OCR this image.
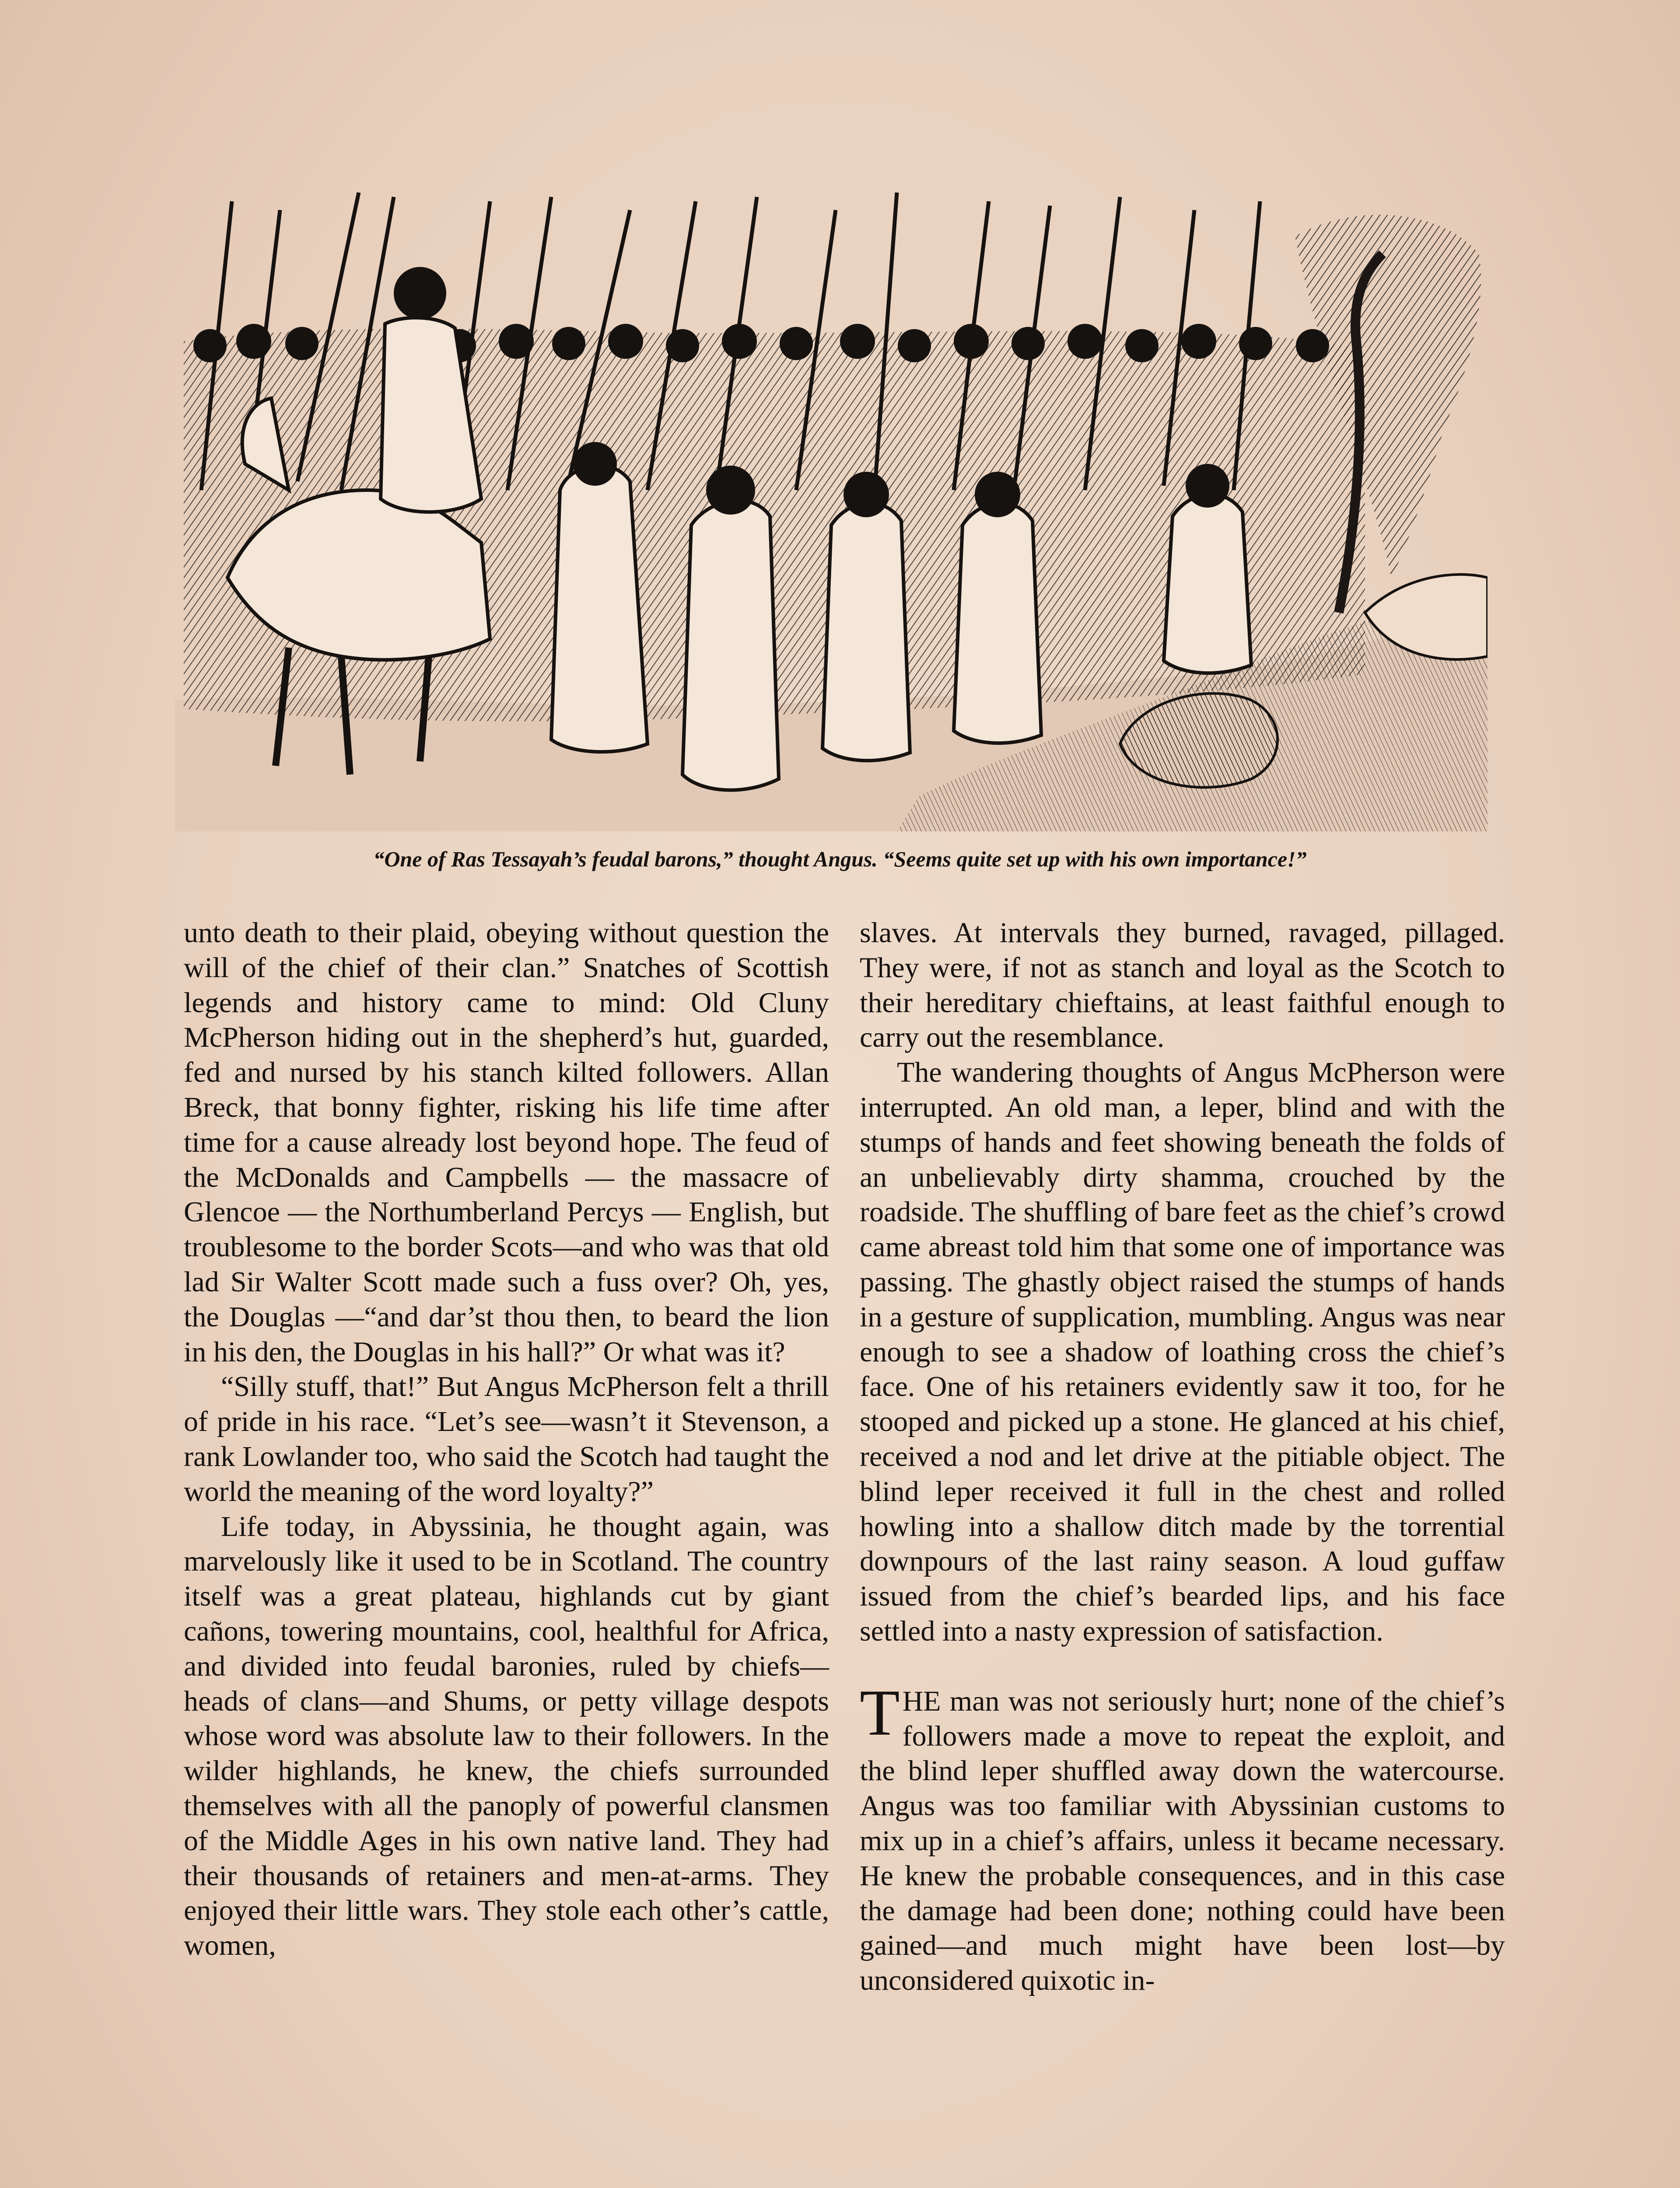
“One of Ras Tessayah’s feudal barons,” thought Angus. “Seems quite set up with his own importance!”

unto death to their plaid, obeying without question the will of the chief of their clan.” Snatches of Scottish legends and history came to mind: Old Cluny McPherson hiding out in the shepherd’s hut, guarded, fed and nursed by his stanch kilted followers. Allan Breck, that bonny fighter, risking his life time after time for a cause already lost beyond hope. The feud of the McDonalds and Campbells — the massacre of Glencoe — the Northumberland Percys — English, but troublesome to the border Scots—and who was that old lad Sir Walter Scott made such a fuss over? Oh, yes, the Douglas —“and dar’st thou then, to beard the lion in his den, the Douglas in his hall?” Or what was it?

“Silly stuff, that!” But Angus McPherson felt a thrill of pride in his race. “Let’s see—wasn’t it Stevenson, a rank Lowlander too, who said the Scotch had taught the world the meaning of the word loyalty?”

Life today, in Abyssinia, he thought again, was marvelously like it used to be in Scotland. The country itself was a great plateau, highlands cut by giant cañons, towering mountains, cool, healthful for Africa, and divided into feudal baronies, ruled by chiefs—heads of clans—and Shums, or petty village despots whose word was absolute law to their followers. In the wilder highlands, he knew, the chiefs surrounded themselves with all the panoply of powerful clansmen of the Middle Ages in his own native land. They had their thousands of retainers and men-at-arms. They enjoyed their little wars. They stole each other’s cattle, women,

slaves. At intervals they burned, ravaged, pillaged. They were, if not as stanch and loyal as the Scotch to their hereditary chieftains, at least faithful enough to carry out the resemblance.

The wandering thoughts of Angus McPherson were interrupted. An old man, a leper, blind and with the stumps of hands and feet showing beneath the folds of an unbelievably dirty shamma, crouched by the roadside. The shuffling of bare feet as the chief’s crowd came abreast told him that some one of importance was passing. The ghastly object raised the stumps of hands in a gesture of supplication, mumbling. Angus was near enough to see a shadow of loathing cross the chief’s face. One of his retainers evidently saw it too, for he stooped and picked up a stone. He glanced at his chief, received a nod and let drive at the pitiable object. The blind leper received it full in the chest and rolled howling into a shallow ditch made by the torrential downpours of the last rainy season. A loud guffaw issued from the chief’s bearded lips, and his face settled into a nasty expression of satisfaction.

THE man was not seriously hurt; none of the chief’s followers made a move to repeat the exploit, and the blind leper shuffled away down the watercourse. Angus was too familiar with Abyssinian customs to mix up in a chief’s affairs, unless it became necessary. He knew the probable consequences, and in this case the damage had been done; nothing could have been gained—and much might have been lost—by unconsidered quixotic in-
